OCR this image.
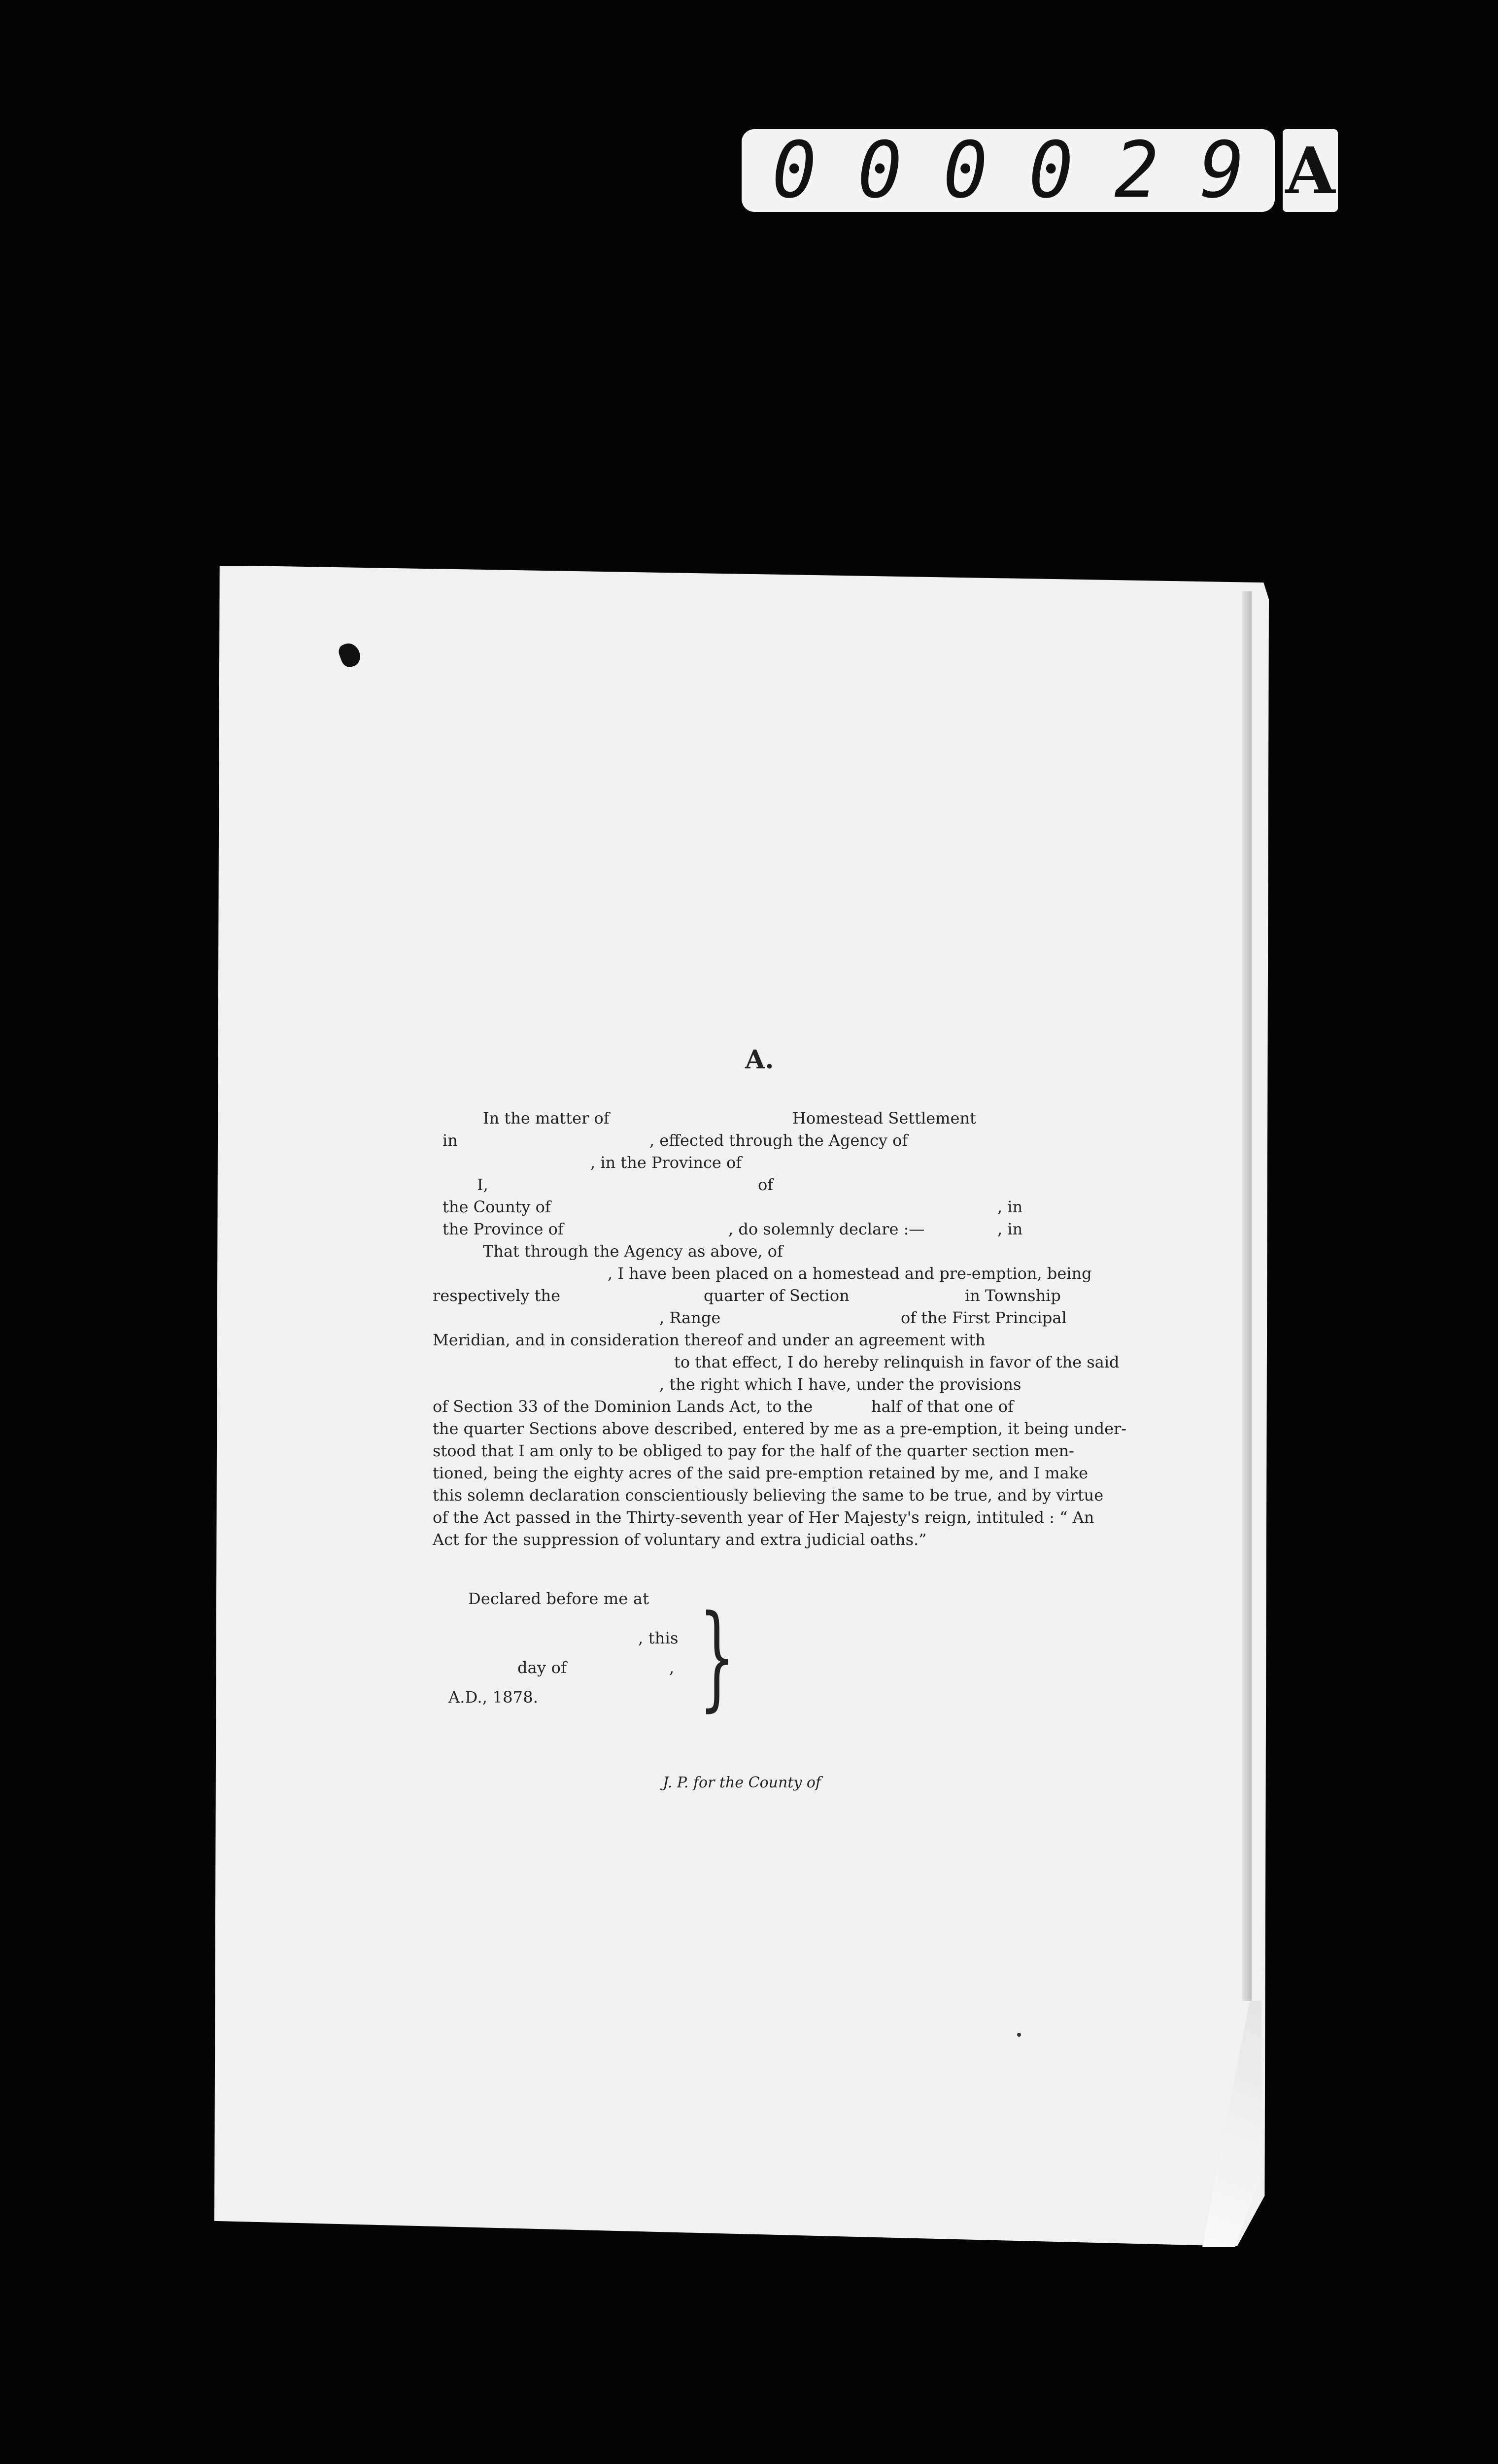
0 0 0 0 2 9 A
A.
In the matter of	Homestead Settlement
in	, effected through the Agency of
, in the Province of
I,	of
the County of	, in
the Province of	, do solemnly declare :—	, in
That through the Agency as above, of
, I have been placed on a homestead and pre-emption, being
respectively the	quarter of Section	in Township
, Range	of the First Principal
Meridian, and in consideration thereof and under an agreement with
to that effect, I do hereby relinquish in favor of the said
, the right which I have, under the provisions
of Section 33 of the Dominion Lands Act, to the	half of that one of
the quarter Sections above described, entered by me as a pre-emption, it being under-
stood that I am only to be obliged to pay for the half of the quarter section men-
tioned, being the eighty acres of the said pre-emption retained by me, and I make
this solemn declaration conscientiously believing the same to be true, and by virtue
of the Act passed in the Thirty-seventh year of Her Majesty's reign, intituled : “ An
Act for the suppression of voluntary and extra judicial oaths.”
Declared before me at
, this
day of	,
A.D., 1878. }
J. P. for the County of
